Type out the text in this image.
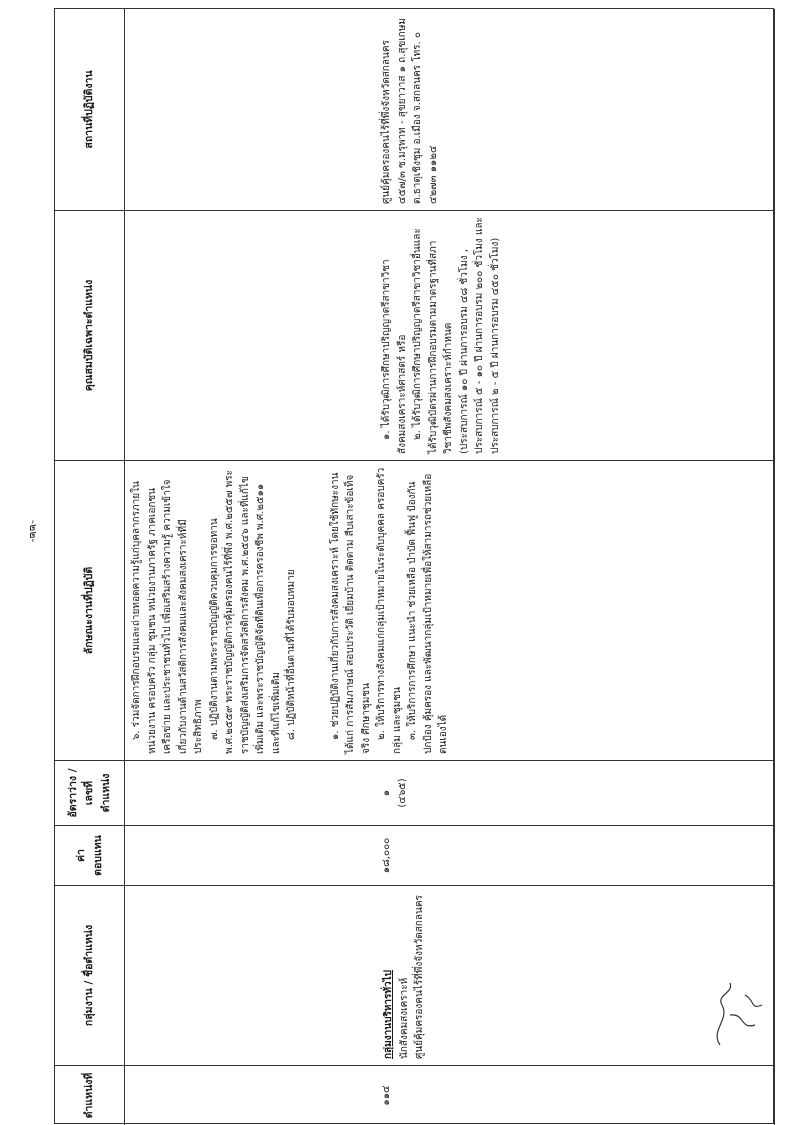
-๒๒-
ตำแหน่งที่
กลุ่มงาน / ชื่อตำแหน่ง
ค่าตอบแทน
อัตราว่าง / เลขที่ตำแหน่ง
ลักษณะงานที่ปฏิบัติ
คุณสมบัติเฉพาะตำแหน่ง
สถานที่ปฏิบัติงาน
๑๑๔
กลุ่มงานบริหารทั่วไป นักสังคมสงเคราะห์ ศูนย์คุ้มครองคนไร้ที่พึ่งจังหวัดสกลนคร
๑๘,๐๐๐
๑ (๔๖๕)
๖. ร่วมจัดการฝึกอบรมและถ่ายทอดความรู้แก่บุคลากรภายในหน่วยงาน ครอบครัว กลุ่ม ชุมชน หน่วยงานภาครัฐ ภาคเอกชน เครือข่าย และประชาชนทั่วไป เพื่อเสริมสร้างความรู้ ความเข้าใจเกี่ยวกับงานด้านสวัสดิการสังคมและสังคมสงเคราะห์ที่มีประสิทธิภาพ ๗. ปฏิบัติงานตามพระราชบัญญัติควบคุมการขอทาน พ.ศ.๒๕๕๙ พระราชบัญญัติการคุ้มครองคนไร้ที่พึ่ง พ.ศ.๒๕๕๗ พระราชบัญญัติส่งเสริมการจัดสวัสดิการสังคม พ.ศ.๒๕๔๖ และที่แก้ไขเพิ่มเติม และพระราชบัญญัติจัดที่ดินเพื่อการครองชีพ พ.ศ.๒๕๑๑ และที่แก้ไขเพิ่มเติม ๘. ปฏิบัติหน้าที่อื่นตามที่ได้รับมอบหมาย	๑. ช่วยปฏิบัติงานเกี่ยวกับการสังคมสงเคราะห์ โดยใช้ทักษะงาน ได้แก่ การสัมภาษณ์ สอบประวัติ เยี่ยมบ้าน ติดตาม สืบเสาะข้อเท็จจริง ศึกษาชุมชน ๒. ให้บริการทางสังคมแก่กลุ่มเป้าหมายในระดับบุคคล ครอบครัว กลุ่ม และชุมชน ๓. ให้บริการการศึกษา แนะนำ ช่วยเหลือ บำบัด ฟื้นฟู ป้องกัน ปกป้อง คุ้มครอง และพัฒนากลุ่มเป้าหมายเพื่อให้สามารถช่วยเหลือตนเองได้
๑. ได้รับวุฒิการศึกษาปริญญาตรีสาขาวิชาสังคมสงเคราะห์ศาสตร์ หรือ ๒. ได้รับวุฒิการศึกษาปริญญาตรีสาขาวิชาอื่นและได้รับวุฒิบัตรผ่านการฝึกอบรมตามมาตรฐานที่สภาวิชาชีพสังคมสงเคราะห์กำหนด (ประสบการณ์ ๑๐ ปี ผ่านการอบรม ๔๘ ชั่วโมง , ประสบการณ์ ๕ - ๑๐ ปี ผ่านการอบรม ๒๐๐ ชั่วโมง และประสบการณ์ ๒ - ๕ ปี ผ่านการอบรม ๔๕๐ ชั่วโมง)
ศูนย์คุ้มครองคนไร้ที่พึ่งจังหวัดสกลนคร ๔๕๗/๓ ซ.มรุพาท - สุขยาวาส ๑ ถ.สุขเกษม ต.ธาตุเชิงชุม อ.เมือง จ.สกลนคร โทร. ๐ ๔๒๗๓ ๑๑๒๔
